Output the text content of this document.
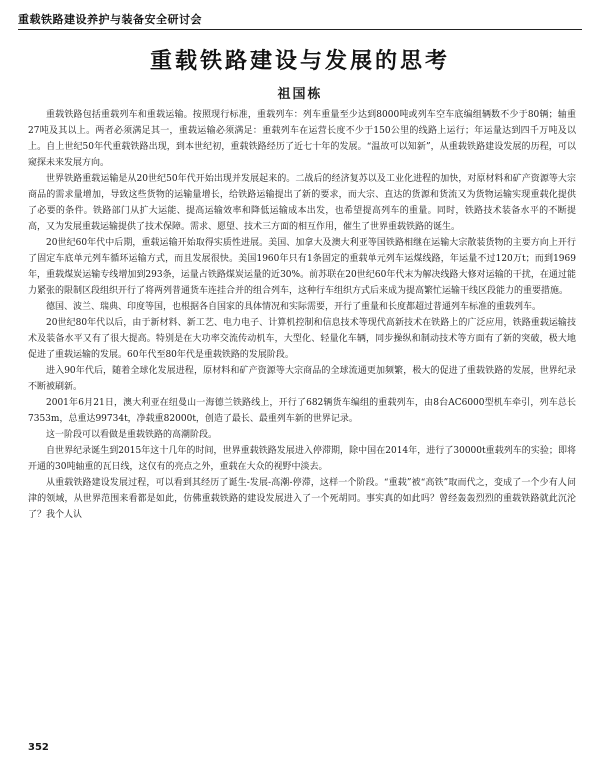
重载铁路建设养护与装备安全研讨会
重载铁路建设与发展的思考
祖国栋

重载铁路包括重载列车和重载运输。按照现行标准，重载列车：列车重量至少达到8000吨或列车空车底编组辆数不少于80辆；轴重27吨及其以上。两者必须满足其一，重载运输必须满足：重载列车在运营长度不少于150公里的线路上运行；年运量达到四千万吨及以上。自上世纪50年代重载铁路出现，到本世纪初，重载铁路经历了近七十年的发展。“温故可以知新”，从重载铁路建设发展的历程，可以窥探未来发展方向。

世界铁路重载运输是从20世纪50年代开始出现并发展起来的。二战后的经济复苏以及工业化进程的加快，对原材料和矿产资源等大宗商品的需求量增加，导致这些货物的运输量增长，给铁路运输提出了新的要求，而大宗、直达的货源和货流又为货物运输实现重载化提供了必要的条件。铁路部门从扩大运能、提高运输效率和降低运输成本出发，也希望提高列车的重量。同时，铁路技术装备水平的不断提高，又为发展重载运输提供了技术保障。需求、愿望、技术三方面的相互作用，催生了世界重载铁路的诞生。

20世纪60年代中后期，重载运输开始取得实质性进展。美国、加拿大及澳大利亚等国铁路相继在运输大宗散装货物的主要方向上开行了固定车底单元列车循环运输方式，而且发展很快。美国1960年只有1条固定的重载单元列车运煤线路，年运量不过120万t；而到1969年，重载煤炭运输专线增加到293条，运量占铁路煤炭运量的近30%。前苏联在20世纪60年代末为解决线路大修对运输的干扰，在通过能力紧张的限制区段组织开行了将两列普通货车连挂合并的组合列车，这种行车组织方式后来成为提高繁忙运输干线区段能力的重要措施。

德国、波兰、瑞典、印度等国，也根据各自国家的具体情况和实际需要，开行了重量和长度都超过普通列车标准的重载列车。

20世纪80年代以后，由于新材料、新工艺、电力电子、计算机控制和信息技术等现代高新技术在铁路上的广泛应用，铁路重载运输技术及装备水平又有了很大提高。特别是在大功率交流传动机车，大型化、轻量化车辆，同步操纵和制动技术等方面有了新的突破，极大地促进了重载运输的发展。60年代至80年代是重载铁路的发展阶段。

进入90年代后，随着全球化发展进程，原材料和矿产资源等大宗商品的全球流通更加频繁，极大的促进了重载铁路的发展，世界纪录不断被刷新。

2001年6月21日，澳大利亚在纽曼山一海德兰铁路线上，开行了682辆货车编组的重载列车，由8台AC6000型机车牵引，列车总长7353m，总重达99734t，净载重82000t，创造了最长、最重列车新的世界记录。

这一阶段可以看做是重载铁路的高潮阶段。

自世界纪录诞生到2015年这十几年的时间，世界重载铁路发展进入停滞期，除中国在2014年，进行了30000t重载列车的实验；即将开通的30吨轴重的瓦日线，这仅有的亮点之外，重载在大众的视野中淡去。

从重载铁路建设发展过程，可以看到其经历了诞生-发展-高潮-停滞，这样一个阶段。“重载”被“高铁”取而代之，变成了一个少有人问津的领域，从世界范围来看都是如此，仿佛重载铁路的建设发展进入了一个死胡同。事实真的如此吗？曾经轰轰烈烈的重载铁路就此沉沦了？我个人认

352
